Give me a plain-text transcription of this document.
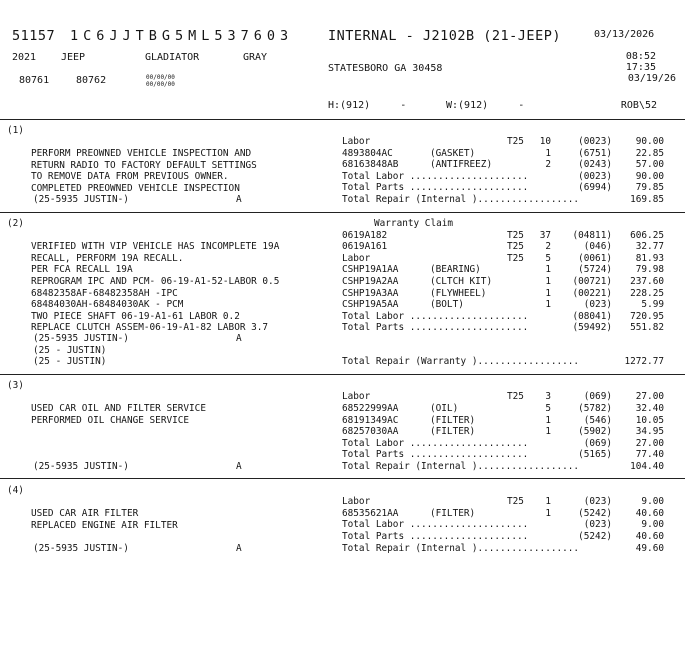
51157 1C6JJTBG5ML537603	INTERNAL - J2102B (21-JEEP)	03/13/2026
2021 JEEP	GLADIATOR	GRAY
80761	80762	00/00/00
00/00/00
STATESBORO GA 30458
08:52
17:35
03/19/26
H:(912)     -	W:(912)     -	ROB\52
(1)

PERFORM PREOWNED VEHICLE INSPECTION AND
RETURN RADIO TO FACTORY DEFAULT SETTINGS
TO REMOVE DATA FROM PREVIOUS OWNER.
COMPLETED PREOWNED VEHICLE INSPECTION

(25-5935 JUSTIN-)	A
Labor	T25	10	(0023)	90.00
4893804AC	(GASKET)	1	(6751)	22.85
68163848AB	(ANTIFREEZ)	2	(0243)	57.00
Total Labor .....................	(0023)	90.00
Total Parts .....................	(6994)	79.85
Total Repair (Internal )..................	169.85
(2)

VERIFIED WITH VIP VEHICLE HAS INCOMPLETE 19A
RECALL, PERFORM 19A RECALL.
PER FCA RECALL 19A
REPROGRAM IPC AND PCM- 06-19-A1-52-LABOR 0.5
68482358AF-68482358AH -IPC
68484030AH-68484030AK - PCM
TWO PIECE SHAFT 06-19-A1-61 LABOR 0.2
REPLACE CLUTCH ASSEM-06-19-A1-82 LABOR 3.7

(25-5935 JUSTIN-)	A
(25 - JUSTIN)
(25 - JUSTIN)
Warranty Claim
0619A182	T25	37	(04811)	606.25
0619A161	T25	2	(046)	32.77
Labor	T25	5	(0061)	81.93
CSHP19A1AA	(BEARING)	1	(5724)	79.98
CSHP19A2AA	(CLTCH KIT)	1	(00721)	237.60
CSHP19A3AA	(FLYWHEEL)	1	(00221)	228.25
CSHP19A5AA	(BOLT)	1	(023)	5.99
Total Labor .....................	(08041)	720.95
Total Parts .....................	(59492)	551.82
Total Repair (Warranty )..................	1272.77
(3)

USED CAR OIL AND FILTER SERVICE
PERFORMED OIL CHANGE SERVICE

(25-5935 JUSTIN-)	A
Labor	T25	3	(069)	27.00
68522999AA	(OIL)	5	(5782)	32.40
68191349AC	(FILTER)	1	(546)	10.05
68257030AA	(FILTER)	1	(5902)	34.95
Total Labor .....................	(069)	27.00
Total Parts .....................	(5165)	77.40
Total Repair (Internal )..................	104.40
(4)

USED CAR AIR FILTER
REPLACED ENGINE AIR FILTER

(25-5935 JUSTIN-)	A
Labor	T25	1	(023)	9.00
68535621AA	(FILTER)	1	(5242)	40.60
Total Labor .....................	(023)	9.00
Total Parts .....................	(5242)	40.60
Total Repair (Internal )..................	49.60
